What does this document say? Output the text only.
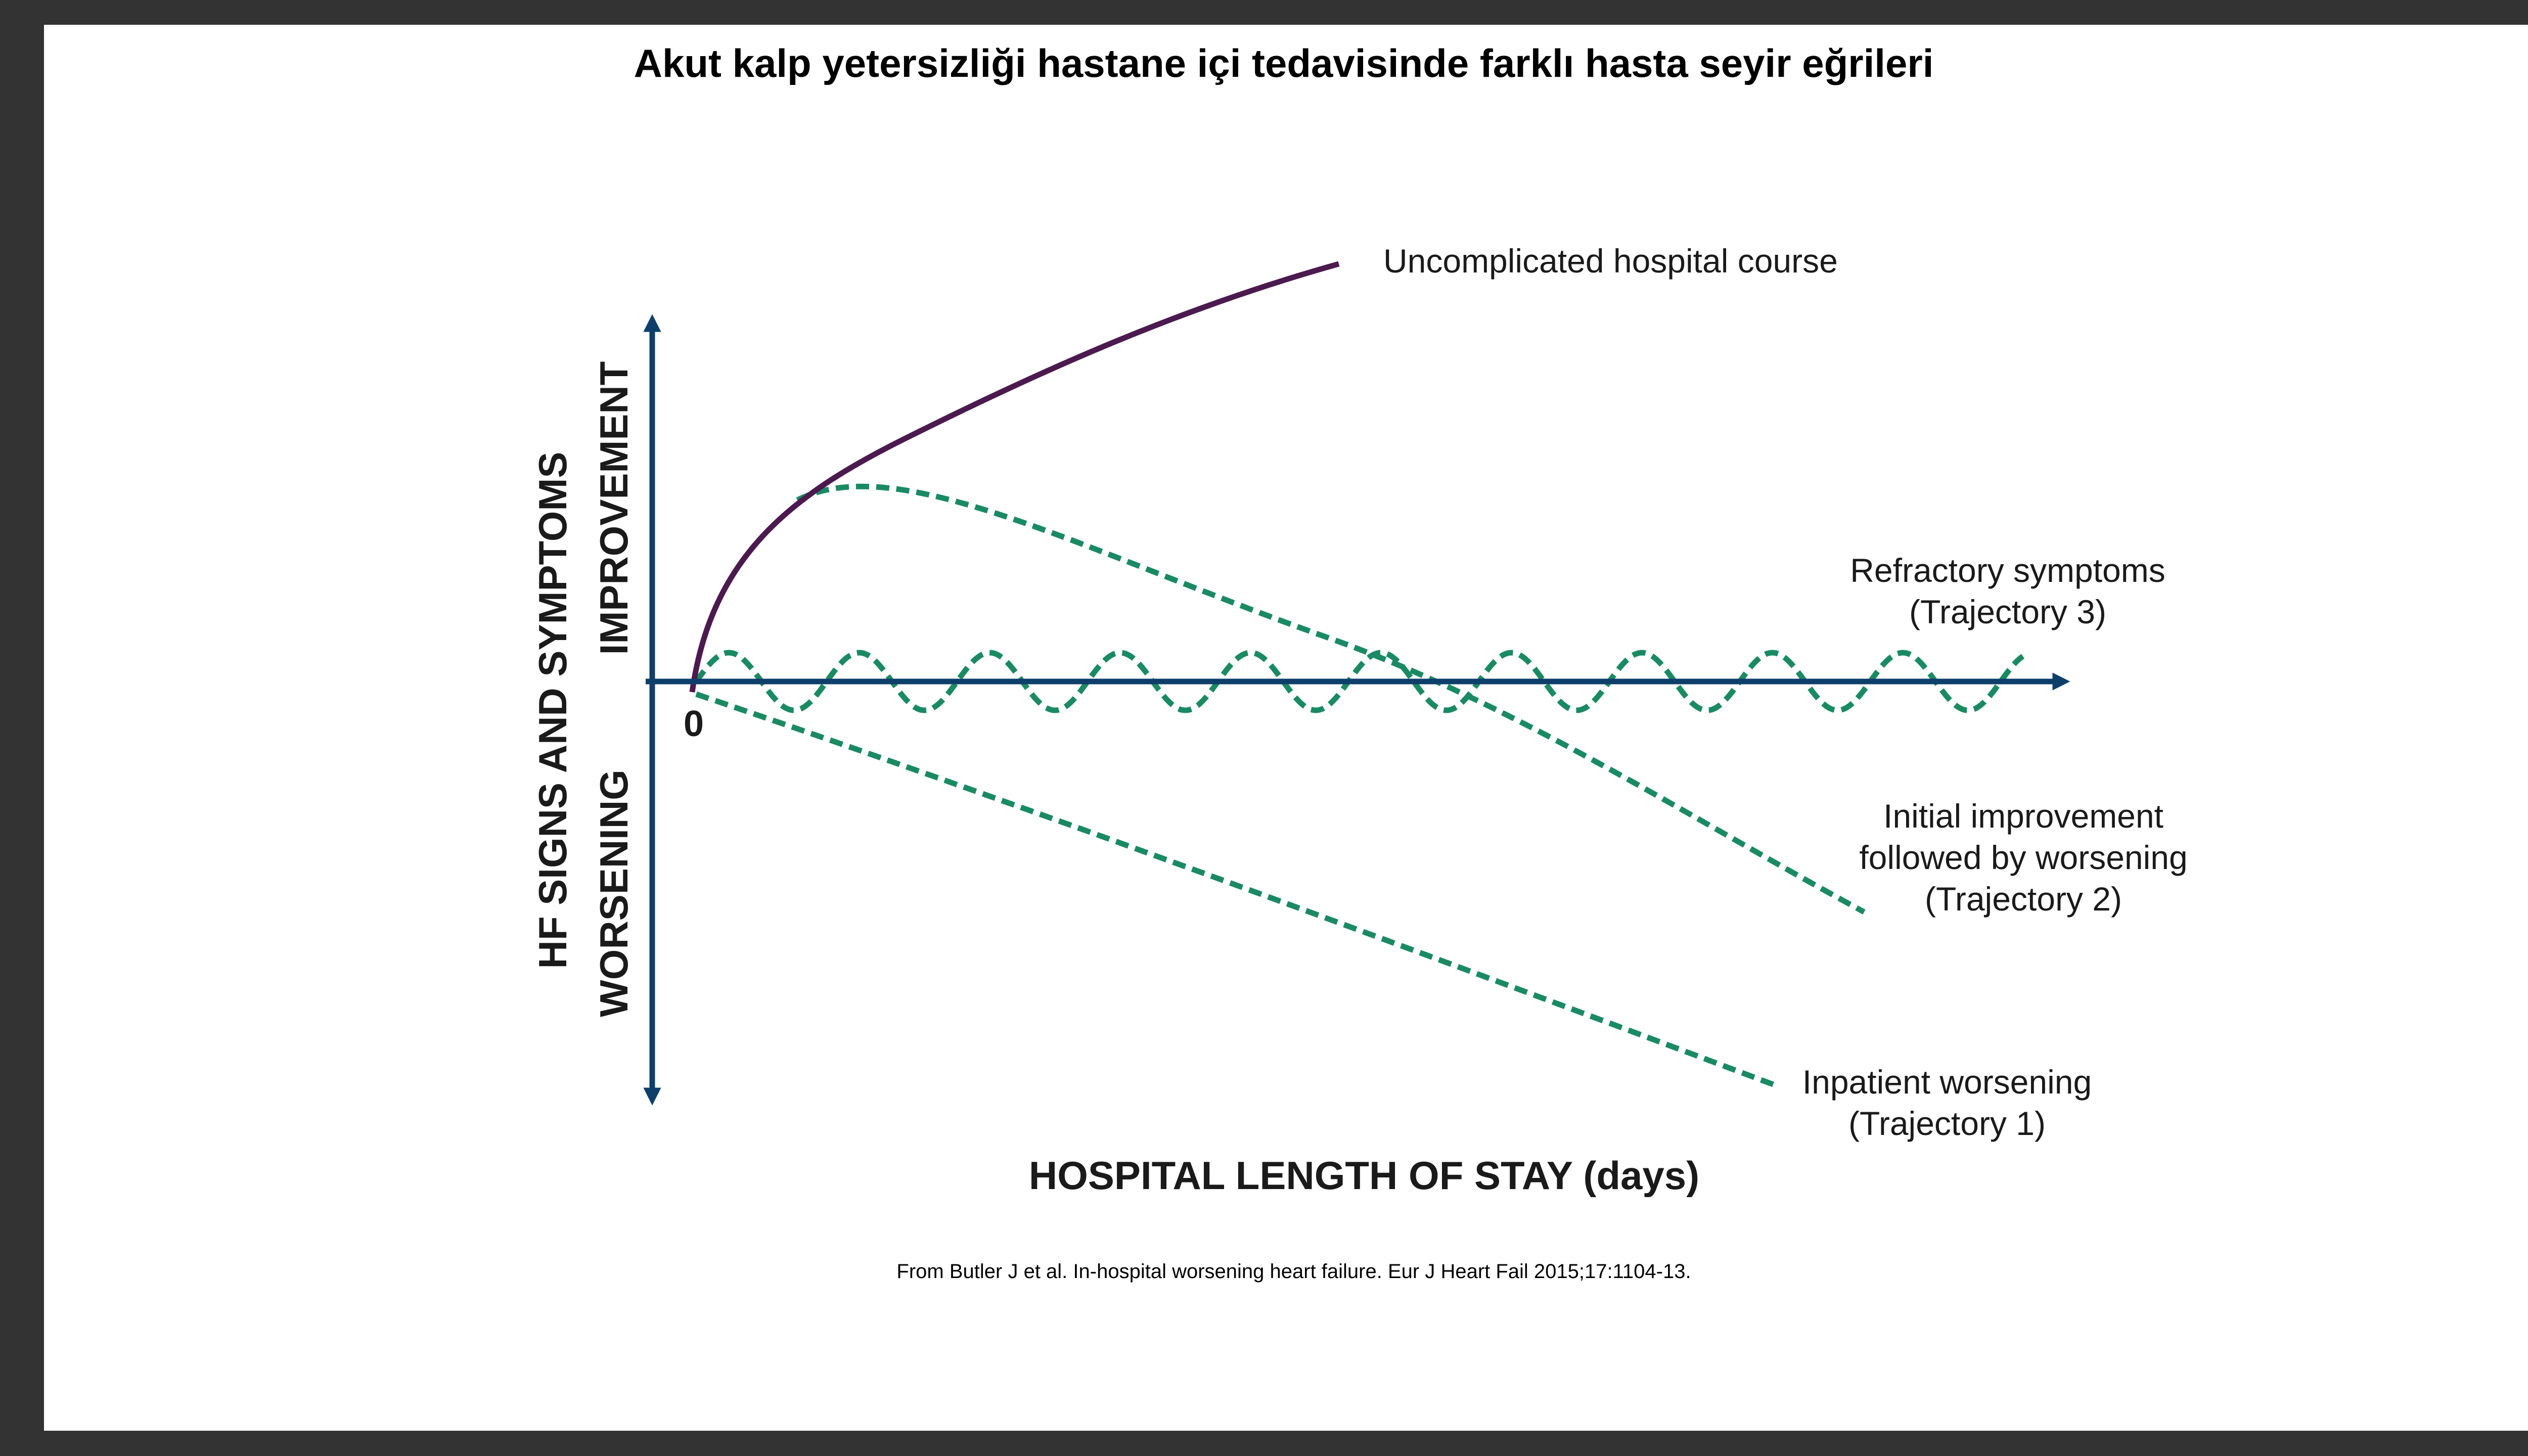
Akut kalp yetersizliği hastane içi tedavisinde farklı hasta seyir eğrileri
0
HF SIGNS AND SYMPTOMS IMPROVEMENT
WORSENING
HOSPITAL LENGTH OF STAY (days)
Uncomplicated hospital course
Refractory symptoms
(Trajectory 3)
Initial improvement
followed by worsening
(Trajectory 2)
Inpatient worsening
(Trajectory 1)
From Butler J et al. In-hospital worsening heart failure. Eur J Heart Fail 2015;17:1104-13.
